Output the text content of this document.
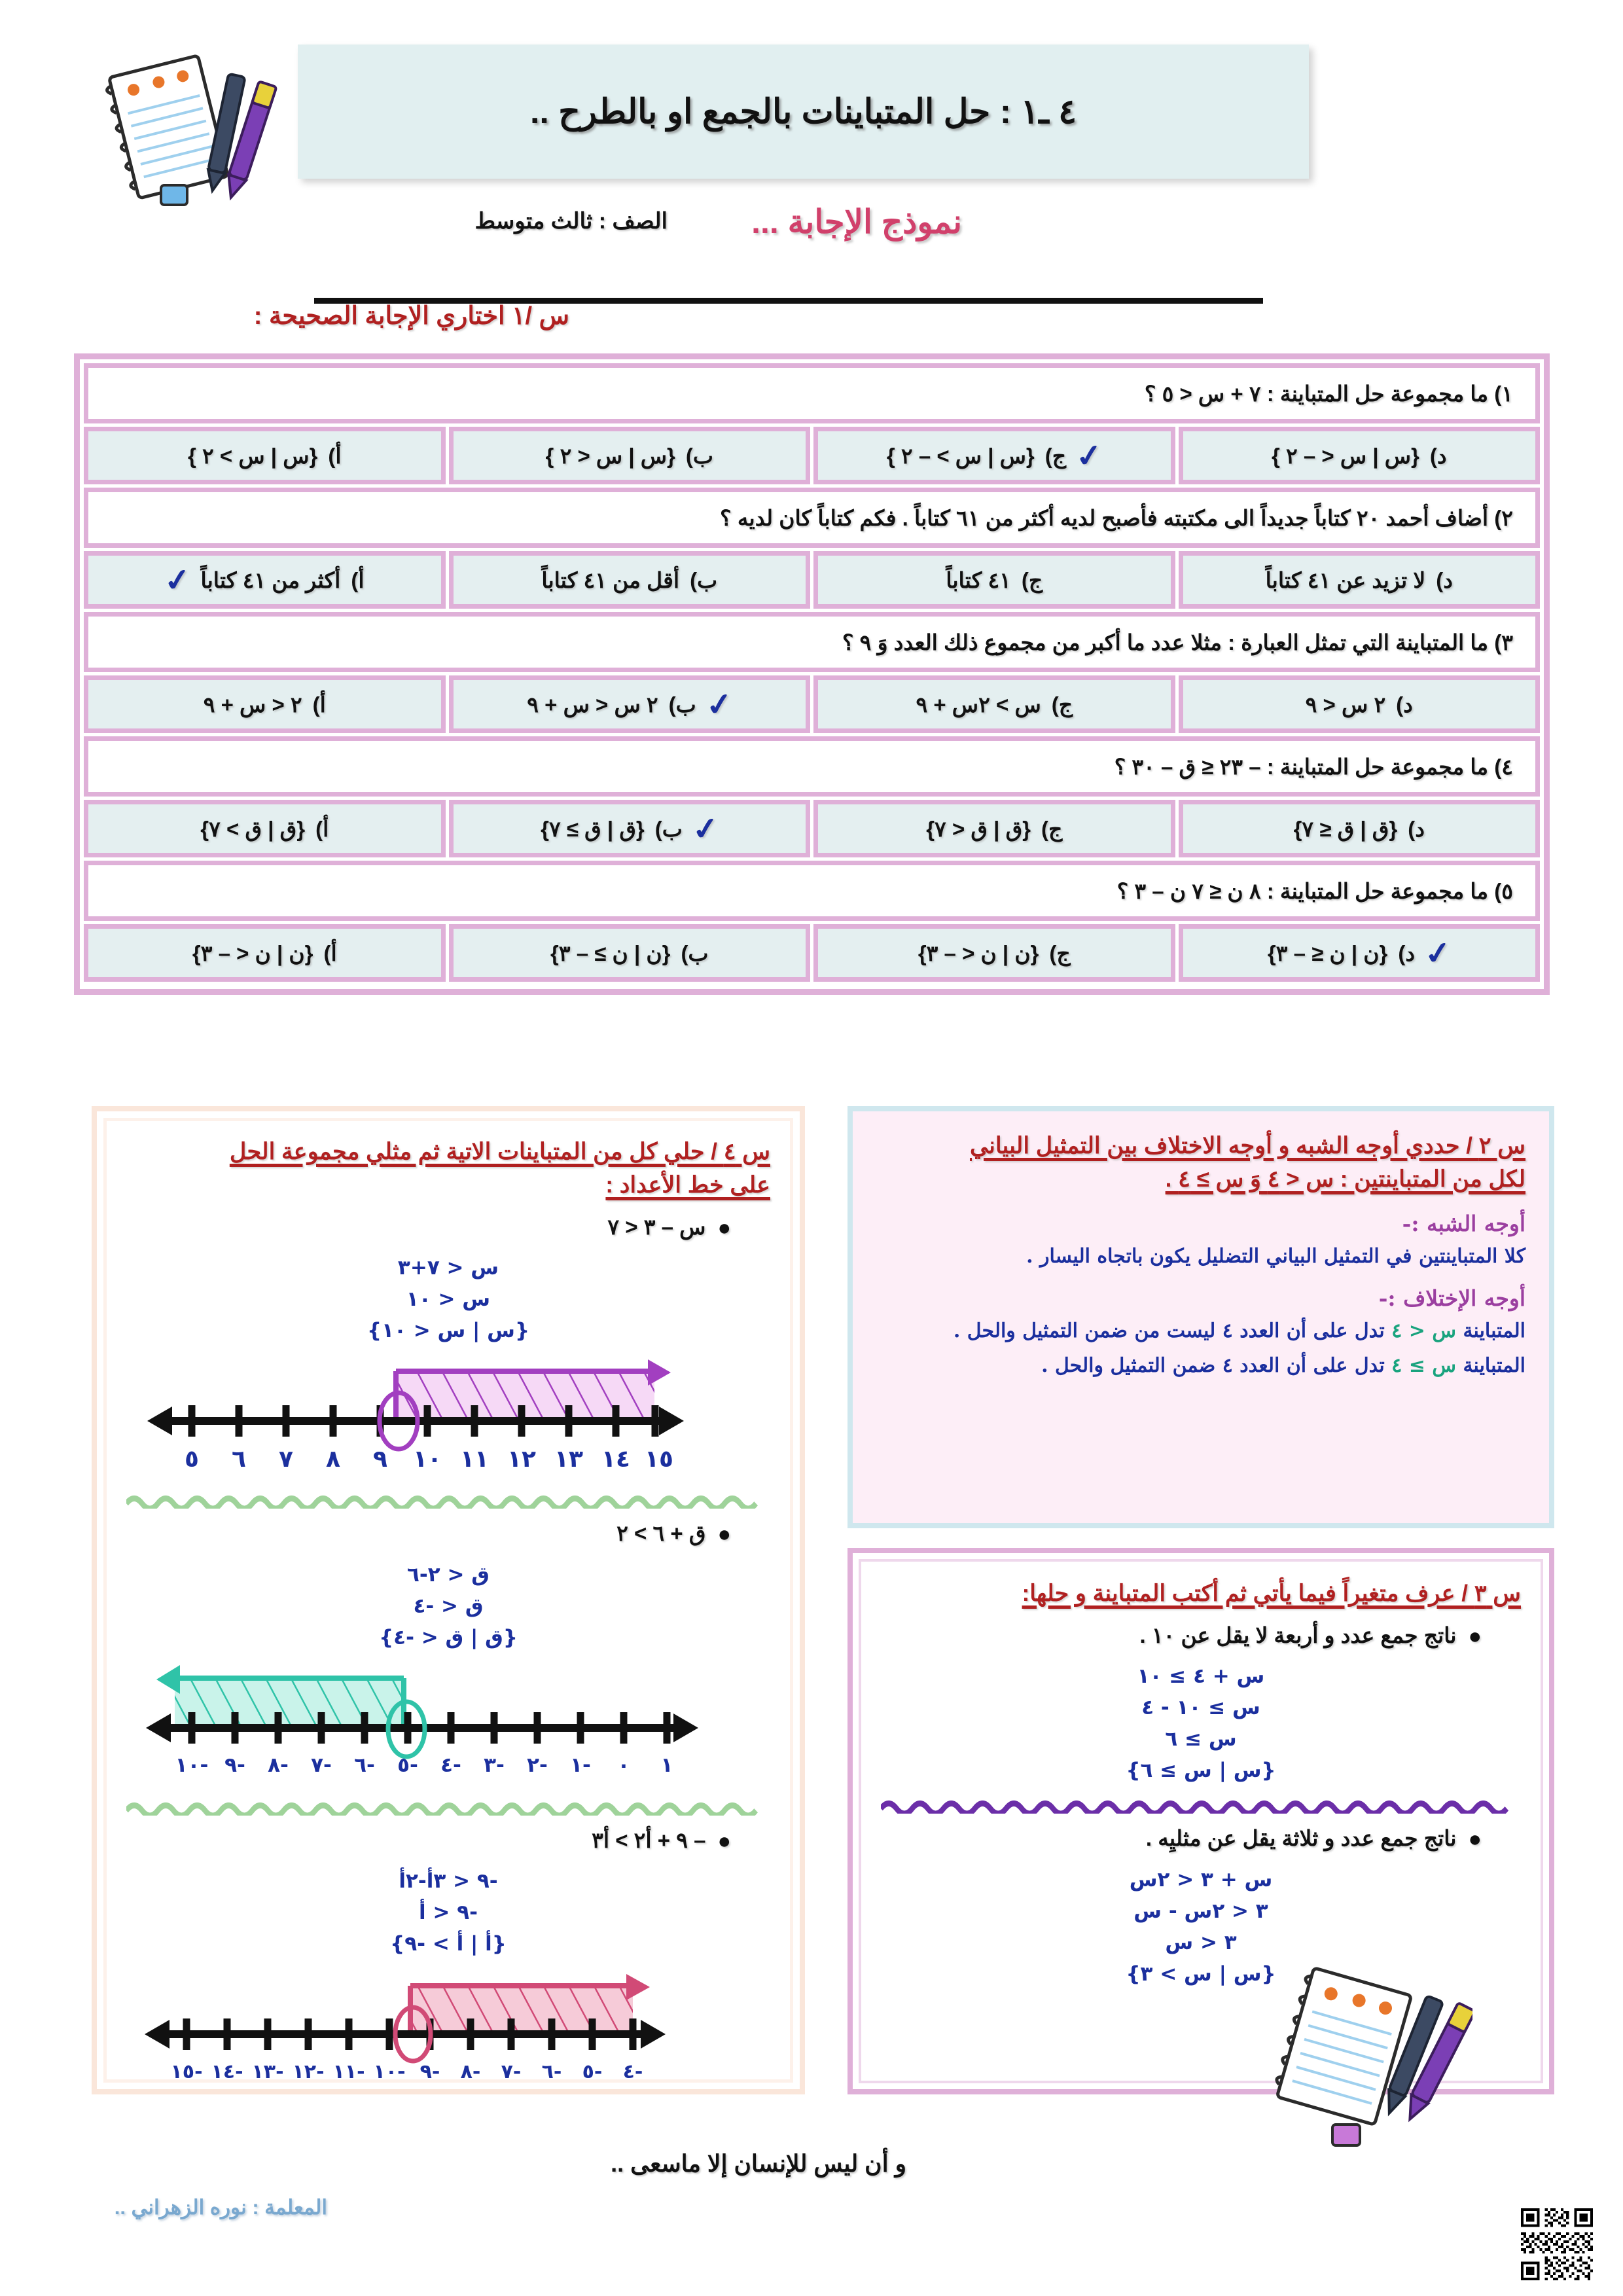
٤ ـ١ : حل المتباينات بالجمع او بالطرح ..
نموذج الإجابة ...
الصف : ثالث متوسط
س /١ اختاري الإجابة الصحيحة :
١) ما مجموعة حل المتباينة : ٧ + س < ٥ ؟
د)
{س | س < – ٢ }
✓
ج)
{س | س > – ٢ }
ب)
{س | س < ٢ }
أ)
{س | س > ٢ }
٢) أضاف أحمد ٢٠ كتاباً جديداً الى مكتبته فأصبح لديه أكثر من ٦١ كتاباً . فكم كتاباً كان لديه ؟
د)
لا تزيد عن ٤١ كتاباً
ج)
٤١ كتاباً
ب)
أقل من ٤١ كتاباً
أ)
أكثر من ٤١ كتاباً
✓
٣) ما المتباينة التي تمثل العبارة : مثلا عدد ما أكبر من مجموع ذلك العدد وَ ٩ ؟
د)
٢ س < ٩
ج)
س > ٢س + ٩
✓
ب)
٢ س < س + ٩
أ)
٢ < س + ٩
٤) ما مجموعة حل المتباينة : – ٢٣ ≤ ق – ٣٠ ؟
د)
{ق | ق ≤ ٧}
ج)
{ق | ق < ٧}
✓
ب)
{ق | ق ≥ ٧}
أ)
{ق | ق > ٧}
٥) ما مجموعة حل المتباينة : ٨ ن ≤ ٧ ن – ٣ ؟
✓
د)
{ن | ن ≤ – ٣}
ج)
{ن | ن < – ٣}
ب)
{ن | ن ≥ – ٣}
أ)
{ن | ن < – ٣}
س ٤ / حلي كل من المتباينات الاتية ثم مثلي مجموعة الحل
على خط الأعداد :
●
س – ٣ < ٧
س < ٧+٣
س < ١٠
{س | س < ١٠}
٥ ٦ ٧ ٨ ٩ ١٠ ١١ ١٢ ١٣ ١٤ ١٥
●
ق + ٦ > ٢
ق < ٢-٦
ق < -٤
{ق | ق < -٤}
-١٠ -٩ -٨ -٧ -٦ -٥ -٤ -٣ -٢ -١ ٠ ١
●
– ٩ + أ٢ > أ٣
-٩ < ٣أ-٢أ
-٩ < أ
{أ | أ > -٩}
-١٥ -١٤ -١٣ -١٢ -١١ -١٠ -٩ -٨ -٧ -٦ -٥ -٤
س ٢ / حددي أوجه الشبه و أوجه الاختلاف بين التمثيل البياني
لكل من المتباينتين : س < ٤ وَ س ≥ ٤ .
أوجه الشبه :-
كلا المتباينتين في التمثيل البياني التضليل يكون باتجاه اليسار .
أوجه الإختلاف :-
المتباينة س < ٤ تدل على أن العدد ٤ ليست من ضمن التمثيل والحل .
المتباينة س ≥ ٤ تدل على أن العدد ٤ ضمن التمثيل والحل .
س ٣ / عرف متغيراً فيما يأتي ثم أكتب المتباينة و حلها:
●
ناتج جمع عدد و أربعة لا يقل عن ١٠ .
س + ٤ ≥ ١٠
س ≥ ١٠ - ٤
س ≥ ٦
{س | س ≥ ٦}
●
ناتج جمع عدد و ثلاثة يقل عن مثليِه .
س + ٣ < ٢س
٣ < ٢س - س
٣ < س
{س | س > ٣}
و أن ليس للإنسان إلا ماسعى ..
المعلمة : نوره الزهراني ..
